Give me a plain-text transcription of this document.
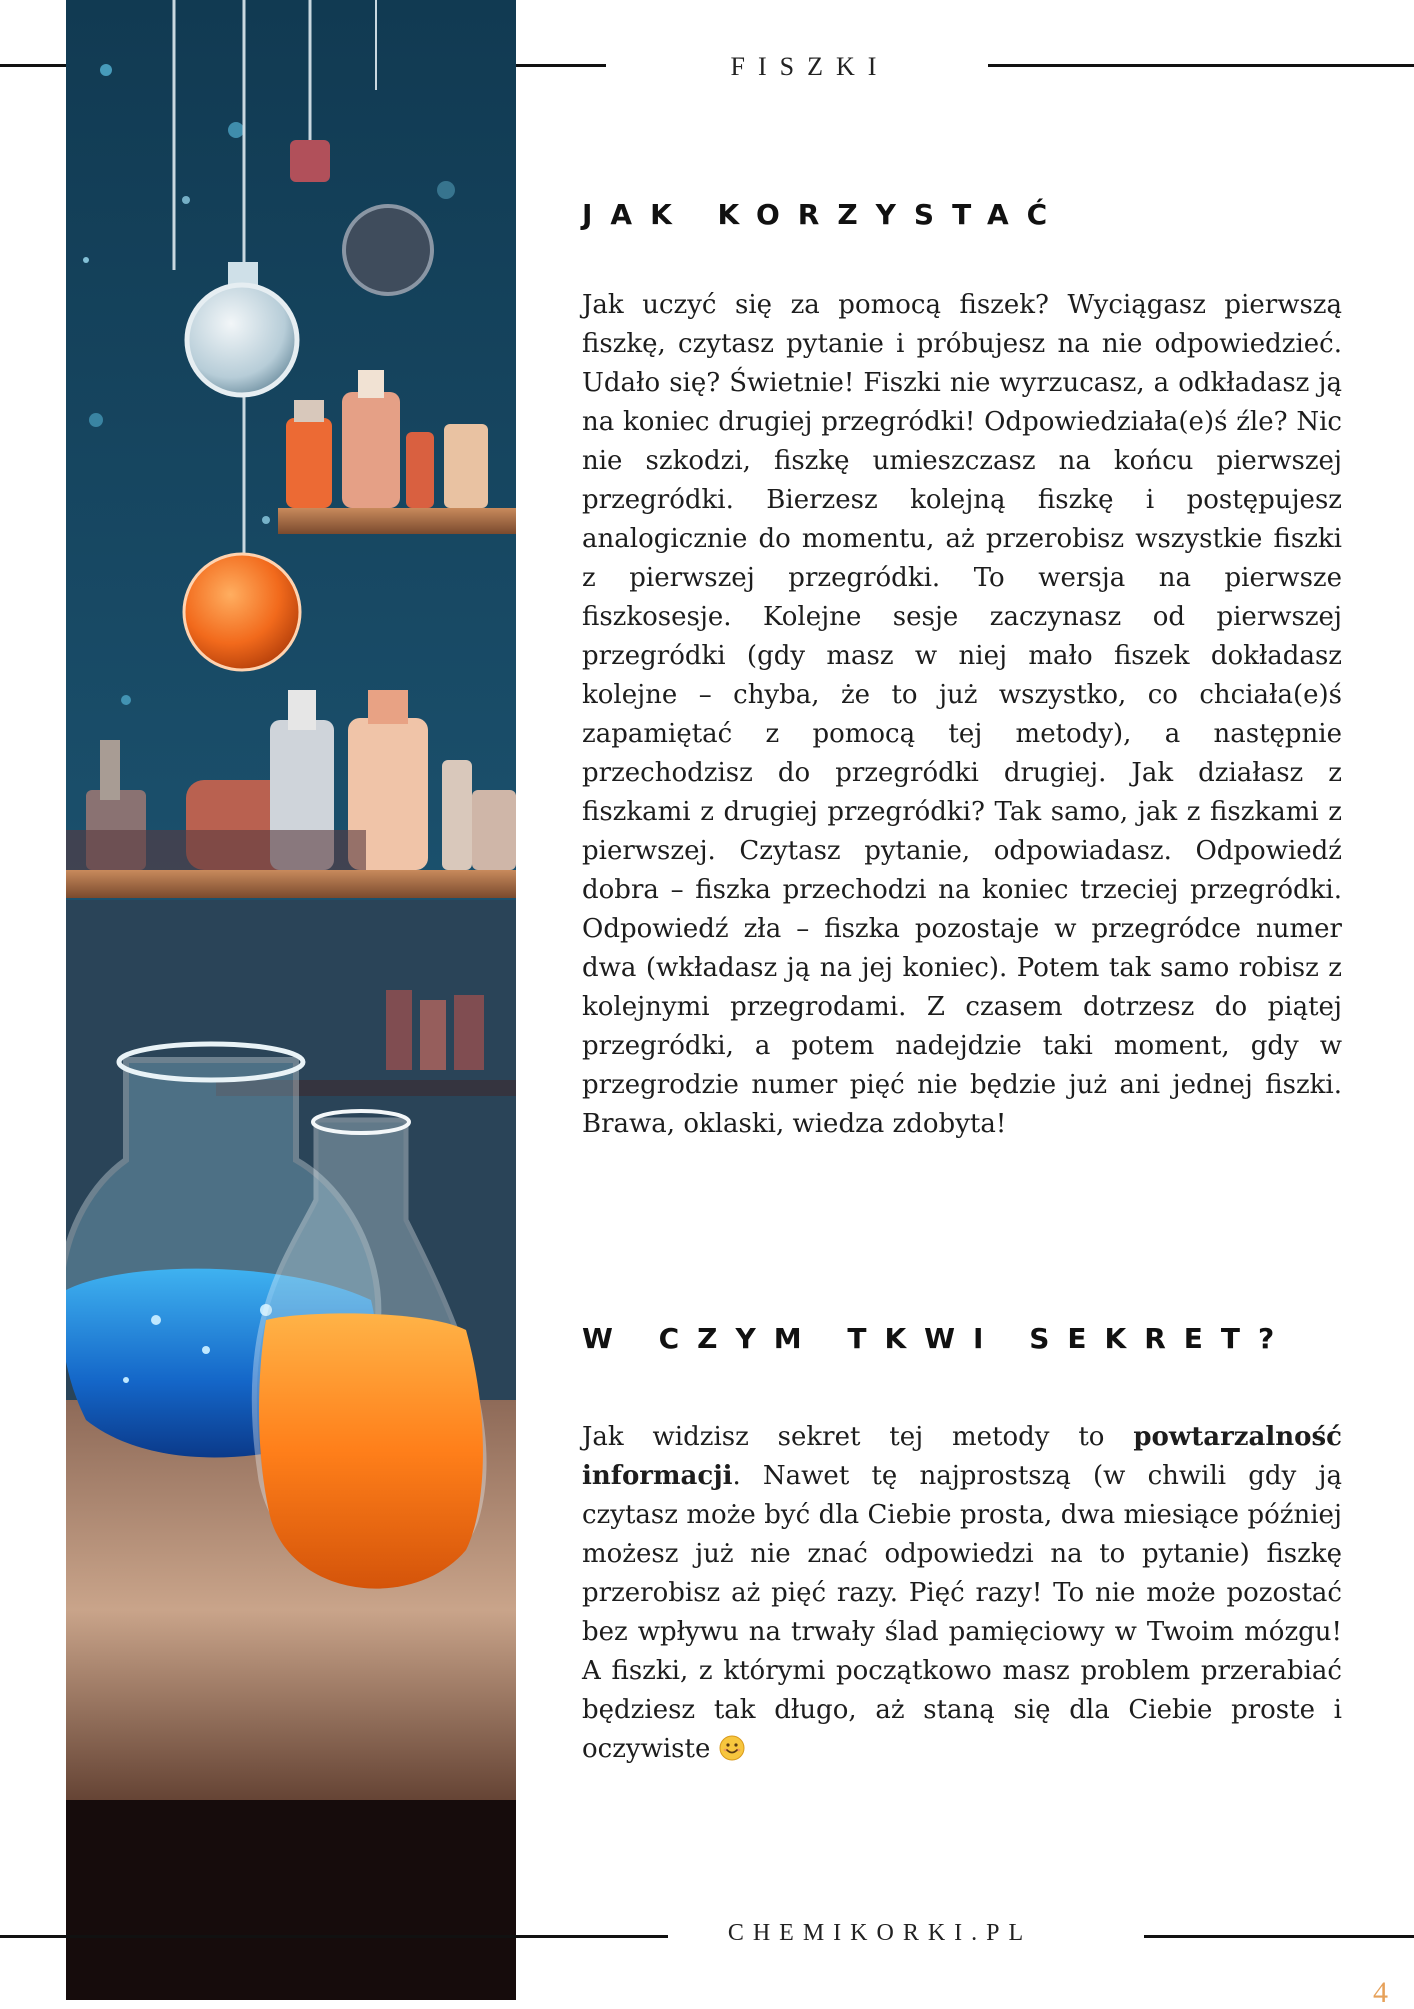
FISZKI
JAK KORZYSTAĆ

Jak uczyć się za pomocą fiszek? Wyciągasz pierwszą fiszkę, czytasz pytanie i próbujesz na nie odpowiedzieć. Udało się? Świetnie! Fiszki nie wyrzucasz, a odkładasz ją na koniec drugiej przegródki! Odpowiedziała(e)ś źle? Nic nie szkodzi, fiszkę umieszczasz na końcu pierwszej przegródki. Bierzesz kolejną fiszkę i postępujesz analogicznie do momentu, aż przerobisz wszystkie fiszki z pierwszej przegródki. To wersja na pierwsze fiszkosesje. Kolejne sesje zaczynasz od pierwszej przegródki (gdy masz w niej mało fiszek dokładasz kolejne – chyba, że to już wszystko, co chciała(e)ś zapamiętać z pomocą tej metody), a następnie przechodzisz do przegródki drugiej. Jak działasz z fiszkami z drugiej przegródki? Tak samo, jak z fiszkami z pierwszej. Czytasz pytanie, odpowiadasz. Odpowiedź dobra – fiszka przechodzi na koniec trzeciej przegródki. Odpowiedź zła – fiszka pozostaje w przegródce numer dwa (wkładasz ją na jej koniec). Potem tak samo robisz z kolejnymi przegrodami. Z czasem dotrzesz do piątej przegródki, a potem nadejdzie taki moment, gdy w przegrodzie numer pięć nie będzie już ani jednej fiszki. Brawa, oklaski, wiedza zdobyta!

W CZYM TKWI SEKRET?

Jak widzisz sekret tej metody to powtarzalność informacji. Nawet tę najprostszą (w chwili gdy ją czytasz może być dla Ciebie prosta, dwa miesiące później możesz już nie znać odpowiedzi na to pytanie) fiszkę przerobisz aż pięć razy. Pięć razy! To nie może pozostać bez wpływu na trwały ślad pamięciowy w Twoim mózgu! A fiszki, z którymi początkowo masz problem przerabiać będziesz tak długo, aż staną się dla Ciebie proste i oczywiste

CHEMIKORKI.PL
4
